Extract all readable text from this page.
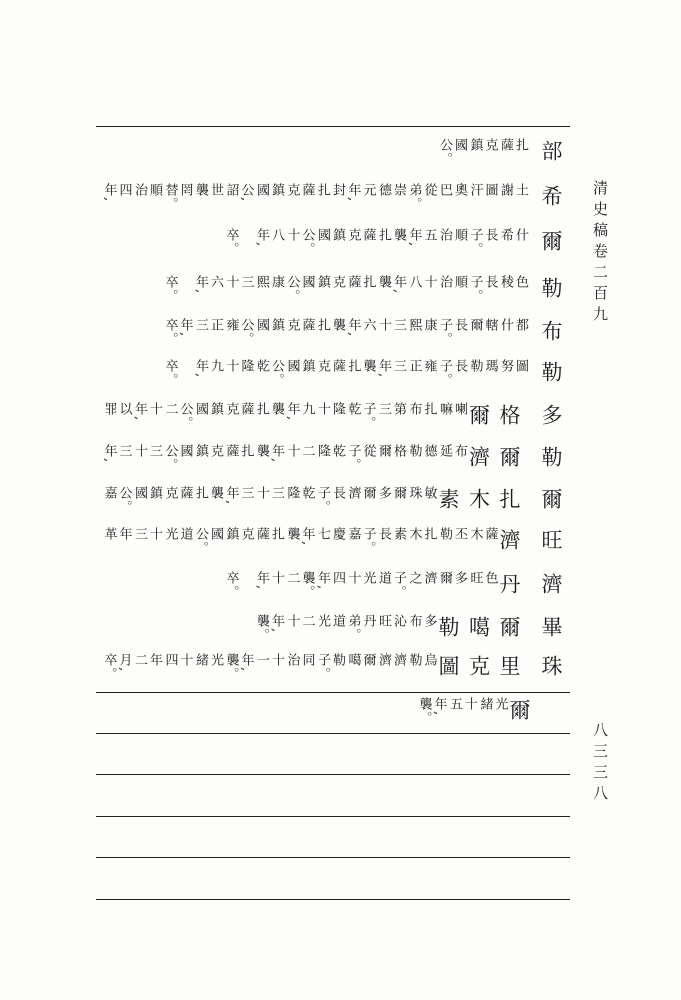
清史稿卷二百九
八三三八
部
扎
薩
克
鎮
國
公。
希
土
謝
圖
汗
奧
巴
從
弟。
崇
德
元
年,
封
扎
薩
克
鎮
國
公,
詔
世
襲
罔
替。
順
治
四
年,
爾
什
希
長
子。
順
治
五
年,
襲
扎
薩
克
鎮
國
公。
十
八
年,
卒。
勒
色
稜
長
子。
順
治
十
八
年,
襲
扎
薩
克
鎮
國
公。
康
熙
三
十
六
年,
卒。
布
都
什
轄
爾
長
子。
康
熙
三
十
六
年,
襲
扎
薩
克
鎮
國
公。
雍
正
三
年,
卒。
勒
圖
努
瑪
勒
長
子。
雍
正
三
年,
襲
扎
薩
克
鎮
國
公。
乾
隆
十
九
年,
卒。
多
格
爾
喇
嘛
扎
布
第
三
子。
乾
隆
十
九
年,
襲
扎
薩
克
鎮
國
公。
二
十
年,
以
罪
勒
爾
濟
布
延
德
勒
格
爾
從
子。
乾
隆
二
十
年,
襲
扎
薩
克
鎮
國
公。
三
十
三
年,
爾
扎
木
素
敏
珠
爾
多
爾
濟
長
子。
乾
隆
三
十
三
年,
襲
扎
薩
克
鎮
國
公。
嘉
旺
濟
薩
木
丕
勒
扎
木
素
長
子。
嘉
慶
七
年,
襲
扎
薩
克
鎮
國
公。
道
光
十
三
年
革
濟
丹
色
旺
多
爾
濟
之
子。
道
光
十
四
年,
襲。
二
十
年,
卒。
畢
爾
噶
勒
多
布
沁
旺
丹
弟。
道
光
二
十
年,
襲。
珠
里
克
圖
烏
勒
濟
濟
爾
噶
勒
子。
同
治
十
一
年,
襲。
光
緒
十
四
年
二
月,
卒。
爾
光
緒
十
五
年,
襲。
